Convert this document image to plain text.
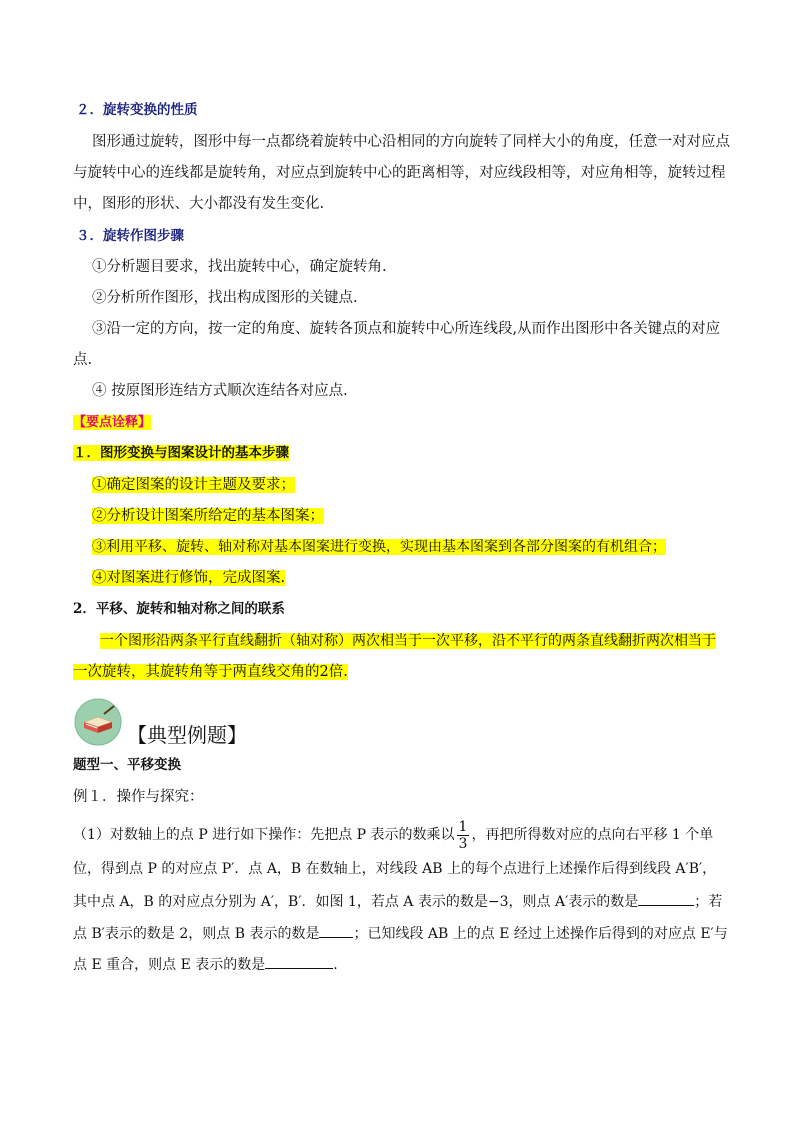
２．旋转变换的性质
图形通过旋转，图形中每一点都绕着旋转中心沿相同的方向旋转了同样大小的角度，任意一对对应点
与旋转中心的连线都是旋转角，对应点到旋转中心的距离相等，对应线段相等，对应角相等，旋转过程
中，图形的形状、大小都没有发生变化.
３．旋转作图步骤
①分析题目要求，找出旋转中心，确定旋转角.
②分析所作图形，找出构成图形的关键点.
③沿一定的方向，按一定的角度、旋转各顶点和旋转中心所连线段,从而作出图形中各关键点的对应
点.
④ 按原图形连结方式顺次连结各对应点.
【要点诠释】
１．图形变换与图案设计的基本步骤
①确定图案的设计主题及要求；
②分析设计图案所给定的基本图案；
③利用平移、旋转、轴对称对基本图案进行变换，实现由基本图案到各部分图案的有机组合；
④对图案进行修饰，完成图案.
2．平移、旋转和轴对称之间的联系
一个图形沿两条平行直线翻折（轴对称）两次相当于一次平移，沿不平行的两条直线翻折两次相当于
一次旋转，其旋转角等于两直线交角的2倍.
【典型例题】
题型一、平移变换
例１．操作与探究：
（1）对数轴上的点 P 进行如下操作：先把点 P 表示的数乘以 $\frac{1}{3}$ ，再把所得数对应的点向右平移 1 个单
位，得到点 P 的对应点 P′．点 A，B 在数轴上，对线段 AB 上的每个点进行上述操作后得到线段 A′B′，
其中点 A，B 的对应点分别为 A′，B′．如图 1，若点 A 表示的数是−3，则点 A′表示的数是	；若
点 B′表示的数是 2，则点 B 表示的数是 ；已知线段 AB 上的点 E 经过上述操作后得到的对应点 E′与
点 E 重合，则点 E 表示的数是	.
